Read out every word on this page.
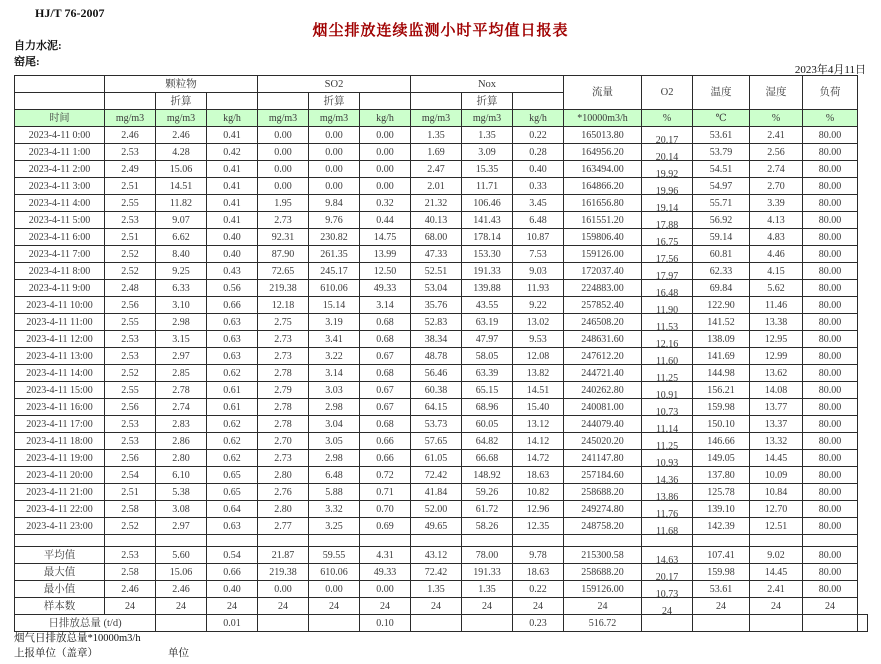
HJ/T 76-2007
烟尘排放连续监测小时平均值日报表
自力水泥:
窑尾:
2023年4月11日
	颗粒物			SO2			Nox			流量	O2	温度	湿度	负荷	
		折算			折算			折算							
时间	mg/m3	mg/m3	kg/h	mg/m3	mg/m3	kg/h	mg/m3	mg/m3	kg/h	*10000m3/h	%	℃	%	%	
2023-4-11 0:00	2.46	2.46	0.41	0.00	0.00	0.00	1.35	1.35	0.22	165013.80	20.17	53.61	2.41	80.00	
2023-4-11 1:00	2.53	4.28	0.42	0.00	0.00	0.00	1.69	3.09	0.28	164956.20	20.14	53.79	2.56	80.00	
2023-4-11 2:00	2.49	15.06	0.41	0.00	0.00	0.00	2.47	15.35	0.40	163494.00	19.92	54.51	2.74	80.00	
2023-4-11 3:00	2.51	14.51	0.41	0.00	0.00	0.00	2.01	11.71	0.33	164866.20	19.96	54.97	2.70	80.00	
2023-4-11 4:00	2.55	11.82	0.41	1.95	9.84	0.32	21.32	106.46	3.45	161656.80	19.14	55.71	3.39	80.00	
2023-4-11 5:00	2.53	9.07	0.41	2.73	9.76	0.44	40.13	141.43	6.48	161551.20	17.88	56.92	4.13	80.00	
2023-4-11 6:00	2.51	6.62	0.40	92.31	230.82	14.75	68.00	178.14	10.87	159806.40	16.75	59.14	4.83	80.00	
2023-4-11 7:00	2.52	8.40	0.40	87.90	261.35	13.99	47.33	153.30	7.53	159126.00	17.56	60.81	4.46	80.00	
2023-4-11 8:00	2.52	9.25	0.43	72.65	245.17	12.50	52.51	191.33	9.03	172037.40	17.97	62.33	4.15	80.00	
2023-4-11 9:00	2.48	6.33	0.56	219.38	610.06	49.33	53.04	139.88	11.93	224883.00	16.48	69.84	5.62	80.00	
2023-4-11 10:00	2.56	3.10	0.66	12.18	15.14	3.14	35.76	43.55	9.22	257852.40	11.90	122.90	11.46	80.00	
2023-4-11 11:00	2.55	2.98	0.63	2.75	3.19	0.68	52.83	63.19	13.02	246508.20	11.53	141.52	13.38	80.00	
2023-4-11 12:00	2.53	3.15	0.63	2.73	3.41	0.68	38.34	47.97	9.53	248631.60	12.16	138.09	12.95	80.00	
2023-4-11 13:00	2.53	2.97	0.63	2.73	3.22	0.67	48.78	58.05	12.08	247612.20	11.60	141.69	12.99	80.00	
2023-4-11 14:00	2.52	2.85	0.62	2.78	3.14	0.68	56.46	63.39	13.82	244721.40	11.25	144.98	13.62	80.00	
2023-4-11 15:00	2.55	2.78	0.61	2.79	3.03	0.67	60.38	65.15	14.51	240262.80	10.91	156.21	14.08	80.00	
2023-4-11 16:00	2.56	2.74	0.61	2.78	2.98	0.67	64.15	68.96	15.40	240081.00	10.73	159.98	13.77	80.00	
2023-4-11 17:00	2.53	2.83	0.62	2.78	3.04	0.68	53.73	60.05	13.12	244079.40	11.14	150.10	13.37	80.00	
2023-4-11 18:00	2.53	2.86	0.62	2.70	3.05	0.66	57.65	64.82	14.12	245020.20	11.25	146.66	13.32	80.00	
2023-4-11 19:00	2.56	2.80	0.62	2.73	2.98	0.66	61.05	66.68	14.72	241147.80	10.93	149.05	14.45	80.00	
2023-4-11 20:00	2.54	6.10	0.65	2.80	6.48	0.72	72.42	148.92	18.63	257184.60	14.36	137.80	10.09	80.00	
2023-4-11 21:00	2.51	5.38	0.65	2.76	5.88	0.71	41.84	59.26	10.82	258688.20	13.86	125.78	10.84	80.00	
2023-4-11 22:00	2.58	3.08	0.64	2.80	3.32	0.70	52.00	61.72	12.96	249274.80	11.76	139.10	12.70	80.00	
2023-4-11 23:00	2.52	2.97	0.63	2.77	3.25	0.69	49.65	58.26	12.35	248758.20	11.68	142.39	12.51	80.00	

平均值	2.53	5.60	0.54	21.87	59.55	4.31	43.12	78.00	9.78	215300.58	14.63	107.41	9.02	80.00	
最大值	2.58	15.06	0.66	219.38	610.06	49.33	72.42	191.33	18.63	258688.20	20.17	159.98	14.45	80.00	
最小值	2.46	2.46	0.40	0.00	0.00	0.00	1.35	1.35	0.22	159126.00	10.73	53.61	2.41	80.00	
样本数	24	24	24	24	24	24	24	24	24	24	24	24	24	24	
日排放总量 (t/d)			0.01			0.10			0.23	516.72					
烟气日排放总量*10000m3/h
上报单位（盖章）	单位
